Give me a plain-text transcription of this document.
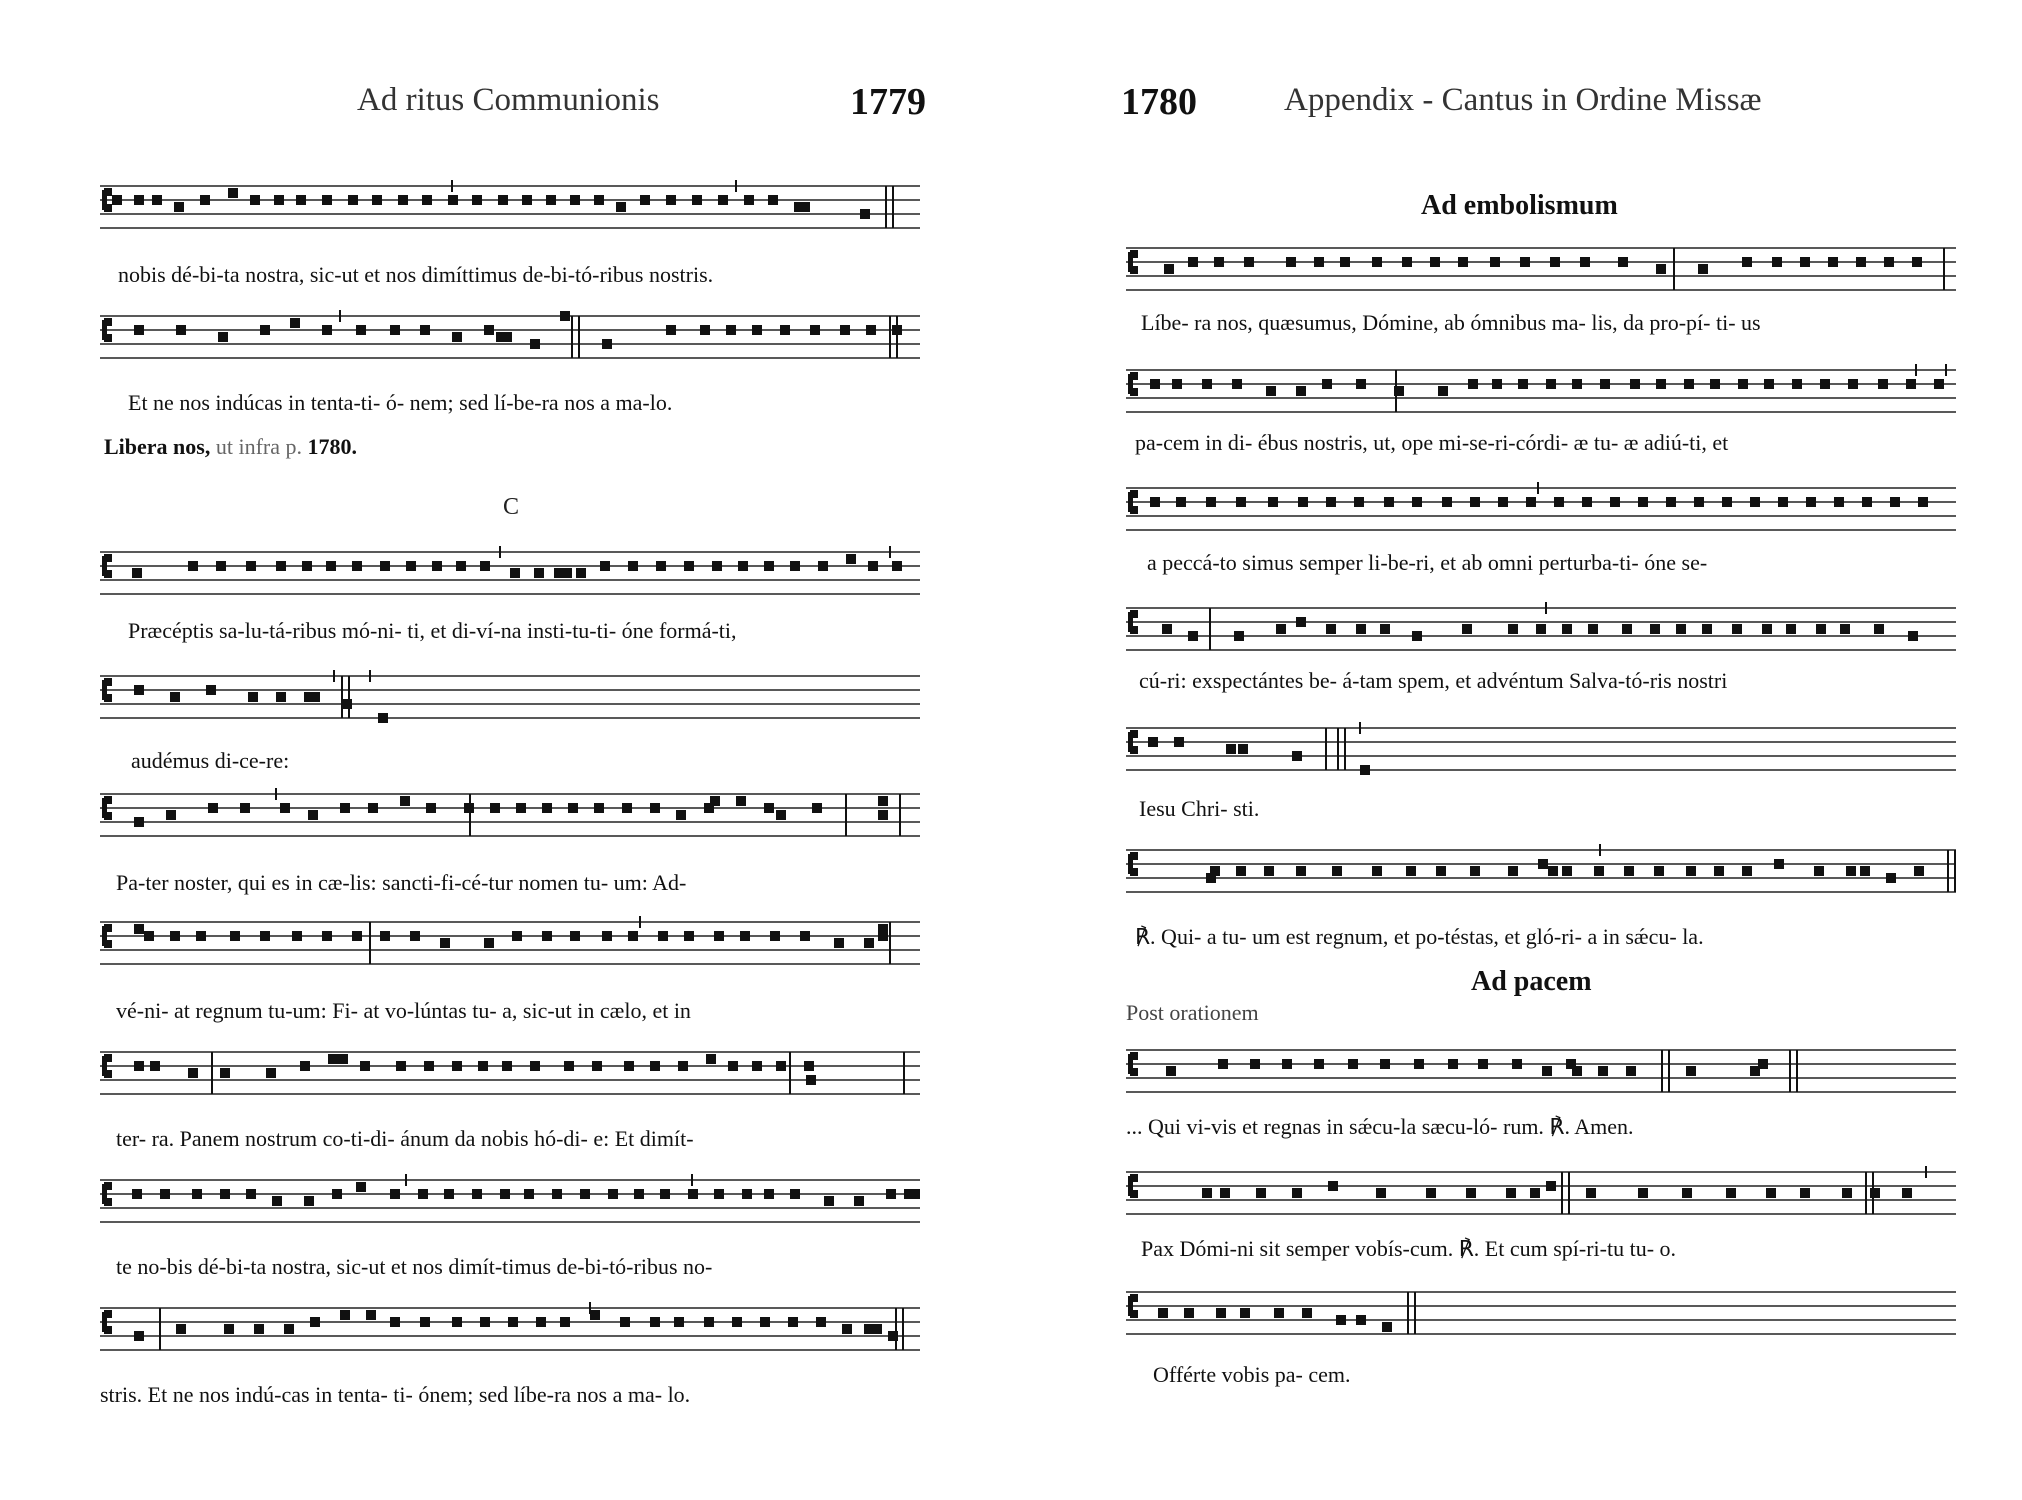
Ad ritus Communionis	1779
nobis dé-bi-ta nostra, sic-ut et nos dimíttimus de-bi-tó-ribus nostris.
Et ne nos indúcas in tenta-ti- ó- nem; sed lí-be-ra nos a ma-lo.
Libera nos, ut infra p. 1780.
C
Præcéptis sa-lu-tá-ribus mó-ni- ti, et di-ví-na insti-tu-ti- óne formá-ti,
audémus di-ce-re:
Pa-ter noster, qui es in cæ-lis: sancti-fi-cé-tur nomen tu- um: Ad-
vé-ni- at regnum tu-um: Fi- at vo-lúntas tu- a, sic-ut in cælo, et in
ter- ra. Panem nostrum co-ti-di- ánum da nobis hó-di- e: Et dimít-
te no-bis dé-bi-ta nostra, sic-ut et nos dimít-timus de-bi-tó-ribus no-
stris. Et ne nos indú-cas in tenta- ti- ónem; sed líbe-ra nos a ma- lo.
1780	Appendix - Cantus in Ordine Missæ
Ad embolismum
Líbe- ra nos, quæsumus, Dómine, ab ómnibus ma- lis, da pro-pí- ti- us
pa-cem in di- ébus nostris, ut, ope mi-se-ri-córdi- æ tu- æ adiú-ti, et
a peccá-to simus semper li-be-ri, et ab omni perturba-ti- óne se-
cú-ri: exspectántes be- á-tam spem, et advéntum Salva-tó-ris nostri
Iesu Chri- sti.
℟. Qui- a tu- um est regnum, et po-téstas, et gló-ri- a in sǽcu- la.
Ad pacem
Post orationem
... Qui vi-vis et regnas in sǽcu-la sæcu-ló- rum. ℟. Amen.
Pax Dómi-ni sit semper vobís-cum. ℟. Et cum spí-ri-tu tu- o.
Offérte vobis pa- cem.
